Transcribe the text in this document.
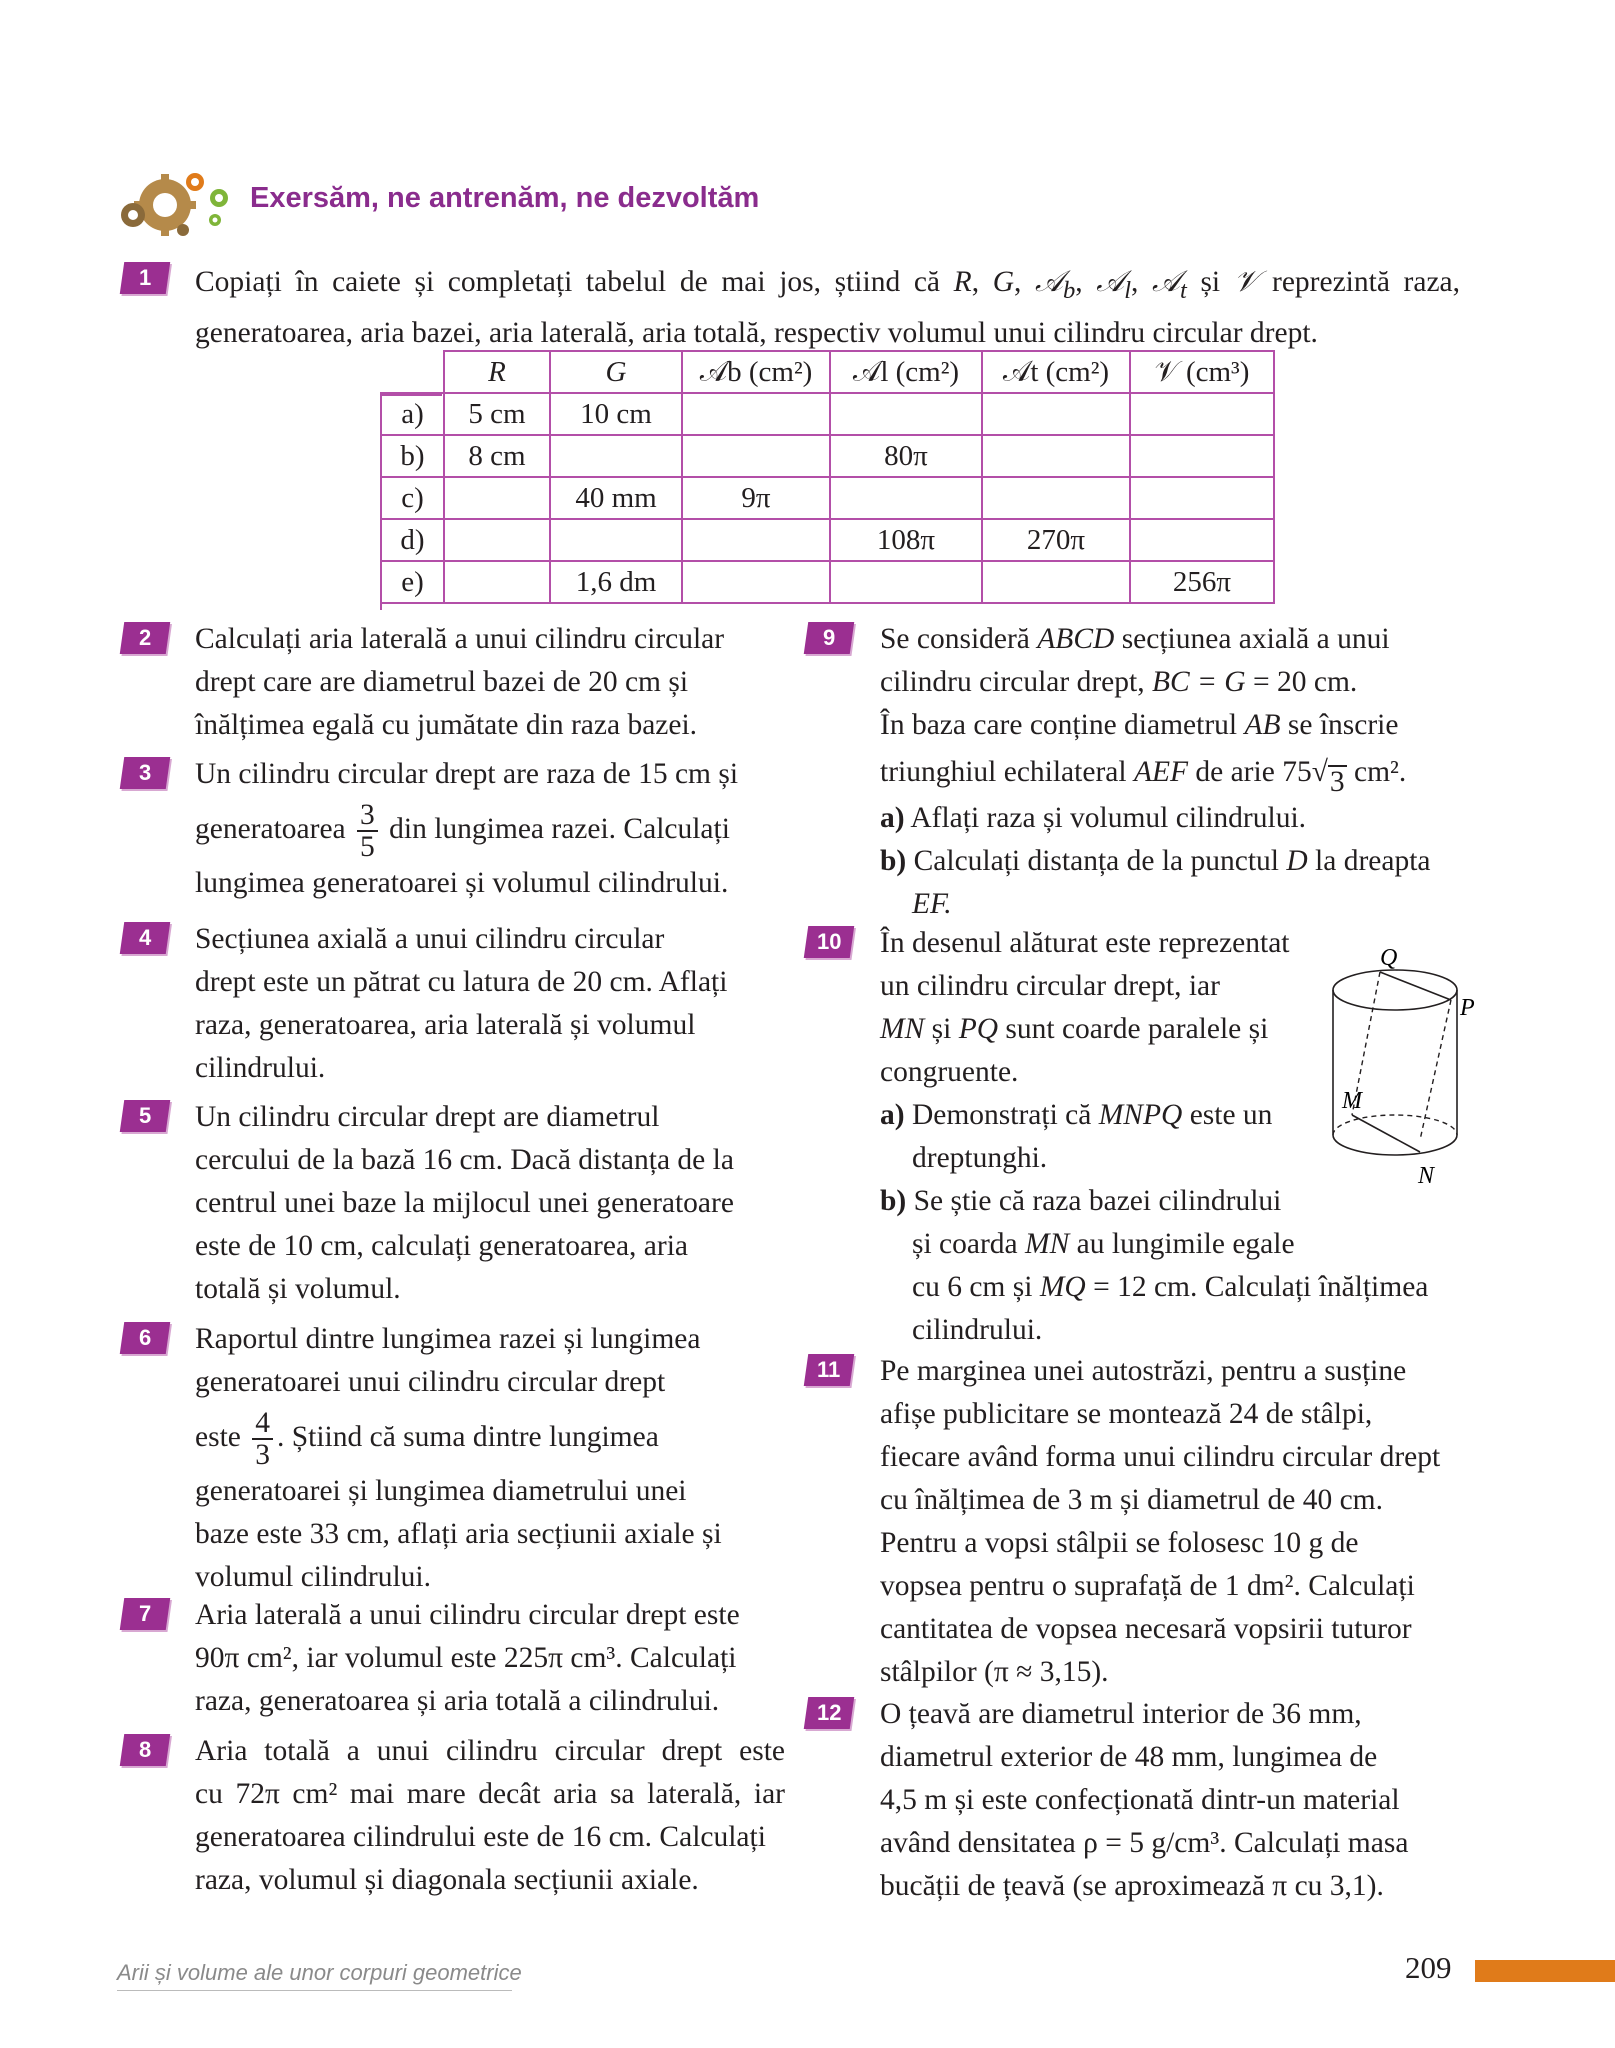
Exersăm, ne antrenăm, ne dezvoltăm
1 Copiați în caiete și completați tabelul de mai jos, știind că R, G, 𝒜$_b$, 𝒜$_l$, 𝒜$_t$ și 𝒱 reprezintă raza,
generatoarea, aria bazei, aria laterală, aria totală, respectiv volumul unui cilindru circular drept.
	R	G	𝒜b (cm²)	𝒜l (cm²)	𝒜t (cm²)	𝒱 (cm³)
a)	5 cm	10 cm				
b)	8 cm			80π		
c)		40 mm	9π			
d)				108π	270π	
e)		1,6 dm				256π
2 Calculați aria laterală a unui cilindru circular
drept care are diametrul bazei de 20 cm și
înălțimea egală cu jumătate din raza bazei.
3 Un cilindru circular drept are raza de 15 cm și
generatoarea $\frac{3}{5}$ din lungimea razei. Calculați
lungimea generatoarei și volumul cilindrului.
4 Secțiunea axială a unui cilindru circular
drept este un pătrat cu latura de 20 cm. Aflați
raza, generatoarea, aria laterală și volumul
cilindrului.
5 Un cilindru circular drept are diametrul
cercului de la bază 16 cm. Dacă distanța de la
centrul unei baze la mijlocul unei generatoare
este de 10 cm, calculați generatoarea, aria
totală și volumul.
6 Raportul dintre lungimea razei și lungimea
generatoarei unui cilindru circular drept
este $\frac{4}{3}$ . Știind că suma dintre lungimea
generatoarei și lungimea diametrului unei
baze este 33 cm, aflați aria secțiunii axiale și
volumul cilindrului.
7 Aria laterală a unui cilindru circular drept este
90π cm², iar volumul este 225π cm³. Calculați
raza, generatoarea și aria totală a cilindrului.
8 Aria totală a unui cilindru circular drept este
cu 72π cm² mai mare decât aria sa laterală, iar
generatoarea cilindrului este de 16 cm. Calculați
raza, volumul și diagonala secțiunii axiale.
9 Se consideră ABCD secțiunea axială a unui
cilindru circular drept, BC = G = 20 cm.
În baza care conține diametrul AB se înscrie
triunghiul echilateral AEF de arie 75 √ 3 cm².
a) Aflați raza și volumul cilindrului.
b) Calculați distanța de la punctul D la dreapta
EF.
10 În desenul alăturat este reprezentat
un cilindru circular drept, iar
MN și PQ sunt coarde paralele și
congruente.
a) Demonstrați că MNPQ este un
dreptunghi.
b) Se știe că raza bazei cilindrului
și coarda MN au lungimile egale
cu 6 cm și MQ = 12 cm. Calculați înălțimea
cilindrului.
Q
P
M
N
11 Pe marginea unei autostrăzi, pentru a susține
afișe publicitare se montează 24 de stâlpi,
fiecare având forma unui cilindru circular drept
cu înălțimea de 3 m și diametrul de 40 cm.
Pentru a vopsi stâlpii se folosesc 10 g de
vopsea pentru o suprafață de 1 dm². Calculați
cantitatea de vopsea necesară vopsirii tuturor
stâlpilor (π ≈ 3,15).
12 O țeavă are diametrul interior de 36 mm,
diametrul exterior de 48 mm, lungimea de
4,5 m și este confecționată dintr-un material
având densitatea ρ = 5 g/cm³. Calculați masa
bucății de țeavă (se aproximează π cu 3,1).
Arii și volume ale unor corpuri geometrice	209
